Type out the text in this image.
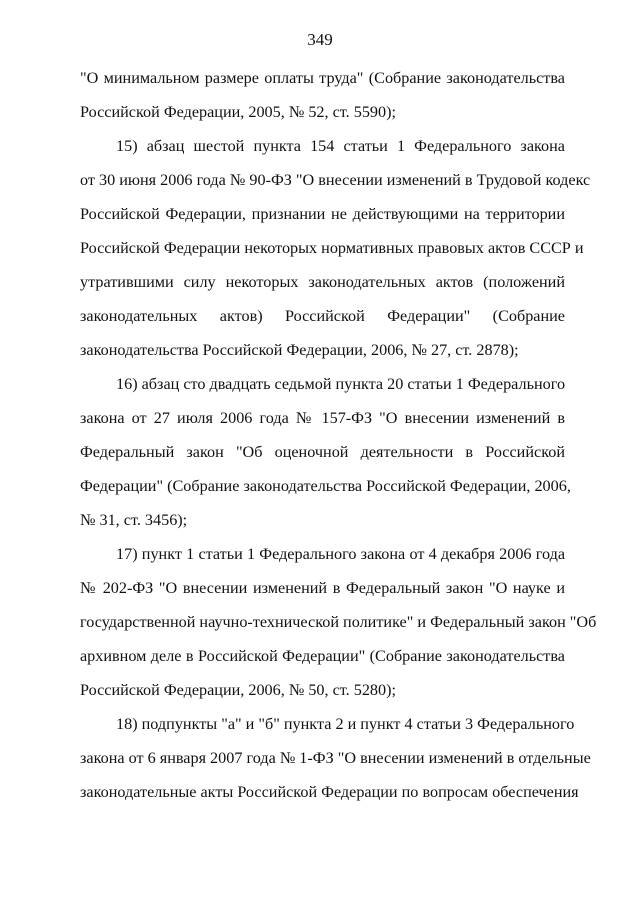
349
"О минимальном размере оплаты труда" (Собрание законодательства
Российской Федерации, 2005, № 52, ст. 5590);
15) абзац шестой пункта 154 статьи 1 Федерального закона
от 30 июня 2006 года № 90-ФЗ "О внесении изменений в Трудовой кодекс
Российской Федерации, признании не действующими на территории
Российской Федерации некоторых нормативных правовых актов СССР и
утратившими силу некоторых законодательных актов (положений
законодательных актов) Российской Федерации" (Собрание
законодательства Российской Федерации, 2006, № 27, ст. 2878);
16) абзац сто двадцать седьмой пункта 20 статьи 1 Федерального
закона от 27 июля 2006 года № 157-ФЗ "О внесении изменений в
Федеральный закон "Об оценочной деятельности в Российской
Федерации" (Собрание законодательства Российской Федерации, 2006,
№ 31, ст. 3456);
17) пункт 1 статьи 1 Федерального закона от 4 декабря 2006 года
№ 202-ФЗ "О внесении изменений в Федеральный закон "О науке и
государственной научно-технической политике" и Федеральный закон "Об
архивном деле в Российской Федерации" (Собрание законодательства
Российской Федерации, 2006, № 50, ст. 5280);
18) подпункты "а" и "б" пункта 2 и пункт 4 статьи 3 Федерального
закона от 6 января 2007 года № 1-ФЗ "О внесении изменений в отдельные
законодательные акты Российской Федерации по вопросам обеспечения
